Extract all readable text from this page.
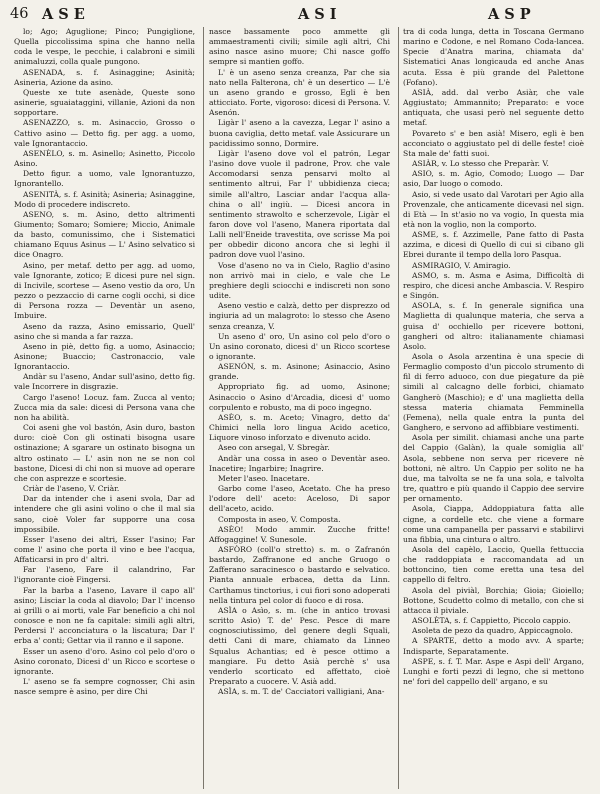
46 ASE	ASI	ASP

lo; Ago; Aguglione; Pinco; Pungiglione, Quella piccolissima spina che hanno nella coda le vespe, le pecchie, i calabroni e simili animaluzzi, colla quale pungono.

ASENADA, s. f. Asinaggine; Asinità; Asineria, Azione da asino.

Queste xe tute asenàde, Queste sono asinerie, sguaiataggini, villanie, Azioni da non sopportare.

ASENAZZO, s. m. Asinaccio, Grosso o Cattivo asino — Detto fig. per agg. a uomo, vale Ignorantaccio.

ASENÈLO, s. m. Asinello; Asinetto, Piccolo Asino.

Detto figur. a uomo, vale Ignorantuzzo, Ignorantello.

ASENITÀ, s. f. Asinità; Asineria; Asinaggine, Modo di procedere indiscreto.

ASENO, s. m. Asino, detto altrimenti Giumento; Somaro; Somiere; Miccio, Animale da basto, comunissimo, che i Sistematici chiamano Equus Asinus — L' Asino selvatico si dice Onagro.

Asino, per metaf. detto per agg. ad uomo, vale Ignorante, zotico; E dicesi pure nel sign. di Incivile, scortese — Aseno vestio da oro, Un pezzo o pezzaccio di carne cogli occhi, si dice di Persona rozza — Deventàr un aseno, Imbuire.

Aseno da razza, Asino emissario, Quell' asino che si manda a far razza.

Aseno in piè, detto fig. a uomo, Asinaccio; Asinone; Buaccio; Castronaccio, vale Ignorantaccio.

Andàr su l'aseno, Andar sull'asino, detto fig. vale Incorrere in disgrazie.

Cargo l'aseno! Locuz. fam. Zucca al vento; Zucca mia da sale: dicesi di Persona vana che non ha abilità.

Coi aseni ghe vol bastón, Asin duro, baston duro: cioè Con gli ostinati bisogna usare ostinazione; A sgarare un ostinato bisogna un altro ostinato — L' asin non ne se non col bastone, Dicesi di chi non si muove ad operare che con asprezze e scortesie.

Criàr de l'aseno, V. Criàr.

Dar da intender che i aseni svola, Dar ad intendere che gli asini volino o che il mal sia sano, cioè Voler far supporre una cosa impossibile.

Esser l'aseno dei altri, Esser l'asino; Far come l' asino che porta il vino e bee l'acqua, Affaticarsi in pro d' altri.

Far l'aseno, Fare il calandrino, Far l'ignorante cioè Fingersi.

Far la barba a l'aseno, Lavare il capo all' asino; Lisciar la coda al diavolo; Dar l' incenso ai grilli o ai morti, vale Far beneficio a chi nol conosce e non ne fa capitale: simili agli altri, Perdersi l' acconciatura o la liscatura; Dar l' erba a' conti; Gettar via il ranno e il sapone.

Esser un aseno d'oro. Asino col pelo d'oro o Asino coronato, Dicesi d' un Ricco e scortese o ignorante.

L' aseno se fa sempre cognosser, Chi asin nasce sempre è asino, per dire Chi

nasce bassamente poco ammette gli ammaestramenti civili; simile agli altri, Chi asino nasce asino muore; Chi nasce goffo sempre si mantien goffo.

L' è un aseno senza creanza, Par che sia nato nella Falterona, ch' è un desertico — L'è un aseno grando e grosso, Egli è ben atticciato. Forte, vigoroso: dicesi di Persona. V. Asenón.

Ligàr l' aseno a la cavezza, Legar l' asino a buona caviglia, detto metaf. vale Assicurare un pacidissimo sonno, Dormire.

Ligàr l'aseno dove vol el patrón, Legar l'asino dove vuole il padrone, Prov. che vale Accomodarsi senza pensarvi molto al sentimento altrui, Far l' ubbidienza cieca; simile all'altro, Lasciar andar l'acqua alla-china o all' ingiù. — Dicesi ancora in sentimento strawolto e scherzevole, Ligàr el faron dove vol l'aseno, Manera riportata dal Lalli nell'Eneide travestita, ove scrisse Ma poi per obbedir dicono ancora che si leghi il padron dove vuol l'asino.

Vose d'aseno no va in Cielo, Raglio d'asino non arrivò mai in cielo, e vale che Le preghiere degli sciocchi e indiscreti non sono udite.

Aseno vestio e calzà, detto per disprezzo od ingiuria ad un malagroto: lo stesso che Aseno senza creanza, V.

Un aseno d' oro, Un asino col pelo d'oro o Un asino coronato, dicesi d' un Ricco scortese o ignorante.

ASENÓN, s. m. Asinone; Asinaccio, Asino grande.

Appropriato fig. ad uomo, Asinone; Asinaccio o Asino d'Arcadia, dicesi d' uomo corpulento e robusto, ma di poco ingegno.

ASÈO, s. m. Aceto; Vinagro, detto da' Chimici nella loro lingua Acido acetico, Liquore vinoso inforzato e divenuto acido.

Aseo con arsegal, V. Sbregàr.

Andàr una cossa in aseo o Deventàr aseo. Inacetire; Ingarbire; Inagrire.

Meter l'aseo. Inacetare.

Garbo come l'aseo, Acetato. Che ha preso l'odore dell' aceto: Aceloso, Di sapor dell'aceto, acido.

Composta in aseo, V. Composta.

ASÈO! Modo ammir. Zucche fritte! Affogaggine! V. Sunesole.

ASFÒRO (coll'o stretto) s. m. o Zafranón bastardo, Zaffranone ed anche Gruogo o Zafferano saracinesco o bastardo e selvatico. Pianta annuale erbacea, detta da Linn. Carthamus tinctorius, i cui fiori sono adoperati nella tintura pel color di fuoco e di rosa.

ASÌA o Asìo, s. m. (che in antico trovasi scritto Asìo) T. de' Pesc. Pesce di mare cognosciutissimo, del genere degli Squali, detti Cani di mare, chiamato da Linneo Squalus Achantias; ed è pesce ottimo a mangiare. Fu detto Asià perchè s' usa venderlo scorticato ed affettato, cioè Preparato a cuocere. V. Asià add.

ASÌA, s. m. T. de' Cacciatori valligiani, Ana-

tra di coda lunga, detta in Toscana Germano marino e Codone, e nel Romano Coda-lancea. Specie d'Anatra marina, chiamata da' Sistematici Anas longicauda ed anche Anas acuta. Essa è più grande del Palettone (Fofano).

ASIÀ, add. dal verbo Asiàr, che vale Aggiustato; Ammannito; Preparato: e voce antiquata, che usasi però nel seguente detto metaf.

Povareto s' e ben asià! Misero, egli è ben acconciato o aggiustato pel di delle feste! cioè Sta male de' fatti suoi.

ASIÀR, v. Lo stesso che Preparàr. V.

ASIO, s. m. Agio, Comodo; Luogo — Dar asio, Dar luogo o comodo.

Asio, si vede usato dal Varotari per Agio alla Provenzale, che anticamente dicevasi nel sign. di Età — In st'asio no va vogio, In questa mia età non la voglio, non la comporto.

ASME, s. f. Azzimelle, Pane fatto di Pasta azzima, e dicesi di Quello di cui si cibano gli Ebrei durante il tempo della loro Pasqua.

ASMIRAGIO, V. Amiragio.

ASMO, s. m. Asma e Asima, Difficoltà di respiro, che dicesi anche Ambascia. V. Respiro e Singón.

ASOLA, s. f. In generale significa una Maglietta di qualunque materia, che serva a guisa d' occhiello per ricevere bottoni, gangheri od altro: italianamente chiamasi Asolo.

Asola o Asola arzentina è una specie di Fermaglio composto d'un piccolo strumento di fil di ferro aduoco, con due piegature da piè simili al calcagno delle forbici, chiamato Gangherò (Maschio); e d' una maglietta della stessa materia chiamata Femminella (Femena), nella quale entra la punta del Ganghero, e servono ad affibbiare vestimenti.

Asola per similit. chiamasi anche una parte del Cappio (Galàn), la quale somiglia all' Asola, sebbene non serva per ricevere nè bottoni, nè altro. Un Cappio per solito ne ha due, ma talvolta se ne fa una sola, e talvolta tre, quattro e più quando il Cappio dee servire per ornamento.

Asola, Ciappa, Addoppiatura fatta alle cigne, a cordelle etc. che viene a formare come una campanella per passarvi e stabilirvi una fibbia, una cintura o altro.

Asola del capèlo, Laccio, Quella fettuccia che raddoppiata e raccomandata ad un bottoncino, tien come eretta una tesa del cappello di feltro.

Asola del piviàl, Borchia; Gioia; Gioiello; Bottone, Scudetto colmo di metallo, con che si attacca il piviale.

ASOLÈTA, s. f. Cappietto, Piccolo cappio.

Asoleta de pezo da quadro, Appiccagnolo.

A SPARTE, detto a modo avv. A sparte; Indisparte, Separatamente.

ASPE, s. f. T. Mar. Aspe e Aspi dell' Argano, Lunghi e forti pezzi di legno, che si mettono ne' fori del cappello dell' argano, e su
